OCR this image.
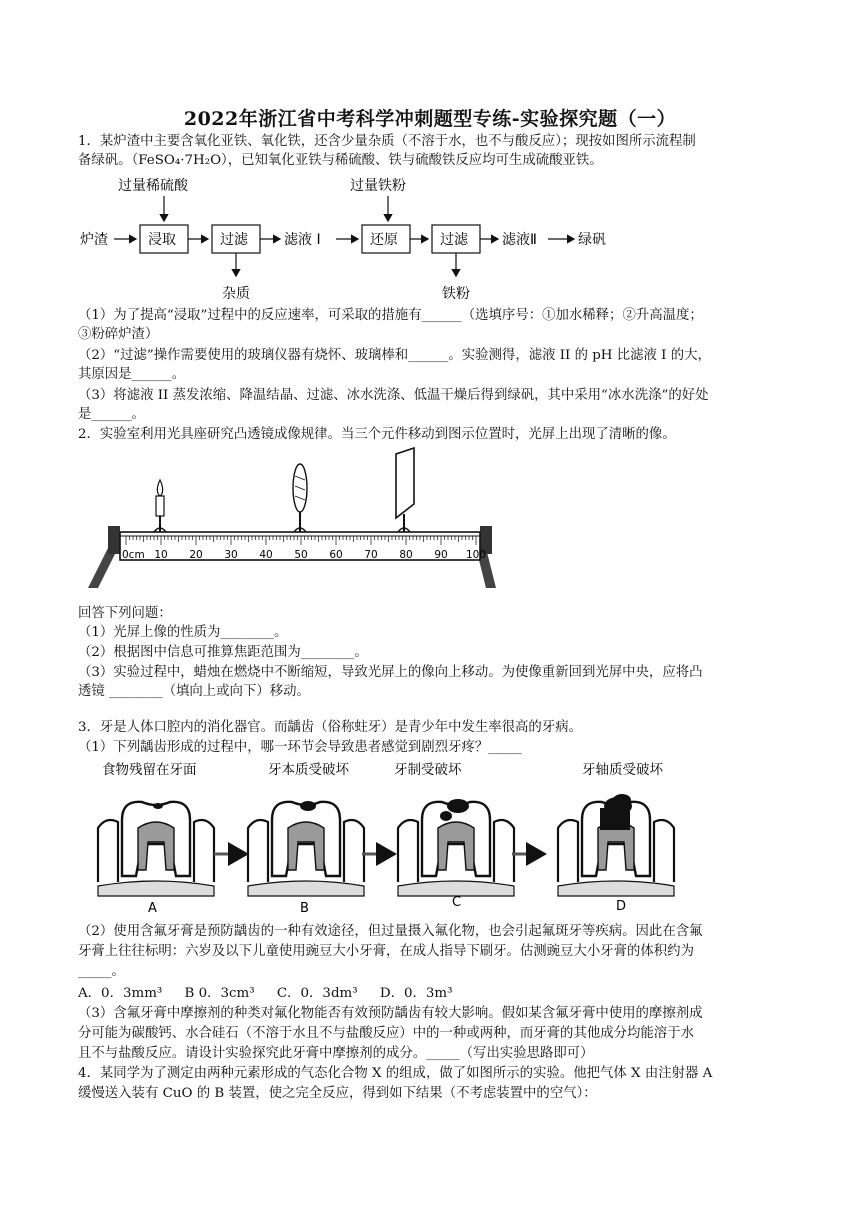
2022年浙江省中考科学冲刺题型专练-实验探究题（一）
1．某炉渣中主要含氧化亚铁、氧化铁，还含少量杂质（不溶于水，也不与酸反应）；现按如图所示流程制
备绿矾。（FeSO₄·7H₂O），已知氧化亚铁与稀硫酸、铁与硫酸铁反应均可生成硫酸亚铁。
过量稀硫酸	过量铁粉
炉渣	浸取	过滤
杂质
滤液 I	还原	过滤
铁粉
滤液Ⅱ	绿矾
（1）为了提高“浸取”过程中的反应速率，可采取的措施有______（选填序号：①加水稀释；②升高温度；
③粉碎炉渣）
（2）“过滤”操作需要使用的玻璃仪器有烧怀、玻璃棒和______。实验测得，滤液 II 的 pH 比滤液 I 的大，
其原因是______。
（3）将滤液 II 蒸发浓缩、降温结晶、过滤、冰水洗涤、低温干燥后得到绿矾，其中采用“冰水洗涤”的好处
是______。
2．实验室利用光具座研究凸透镜成像规律。当三个元件移动到图示位置时，光屏上出现了清晰的像。
0cm 10 20 30 40 50 60 70 80 90 100
回答下列问题：
（1）光屏上像的性质为________。
（2）根据图中信息可推算焦距范围为________。
（3）实验过程中，蜡烛在燃烧中不断缩短，导致光屏上的像向上移动。为使像重新回到光屏中央，应将凸
透镜 ________（填向上或向下）移动。
3．牙是人体口腔内的消化器官。而龋齿（俗称蛀牙）是青少年中发生率很高的牙病。
（1）下列龋齿形成的过程中，哪一环节会导致患者感觉到剧烈牙疼？_____
食物残留在牙面	牙本质受破坏	牙制受破坏	牙轴质受破坏
A	B	C	D
（2）使用含氟牙膏是预防龋齿的一种有效途径，但过量摄入氟化物，也会引起氟斑牙等疾病。因此在含氟
牙膏上往往标明：六岁及以下儿童使用豌豆大小牙膏，在成人指导下刷牙。估测豌豆大小牙膏的体积约为
_____。
A．0．3mm³ B 0．3cm³ C．0．3dm³ D．0．3m³
（3）含氟牙膏中摩擦剂的种类对氟化物能否有效预防龋齿有较大影响。假如某含氟牙膏中使用的摩擦剂成
分可能为碳酸钙、水合硅石（不溶于水且不与盐酸反应）中的一种或两种，而牙膏的其他成分均能溶于水
且不与盐酸反应。请设计实验探究此牙膏中摩擦剂的成分。_____（写出实验思路即可）
4．某同学为了测定由两种元素形成的气态化合物 X 的组成，做了如图所示的实验。他把气体 X 由注射器 A
缓慢送入装有 CuO 的 B 装置，使之完全反应，得到如下结果（不考虑装置中的空气）：
